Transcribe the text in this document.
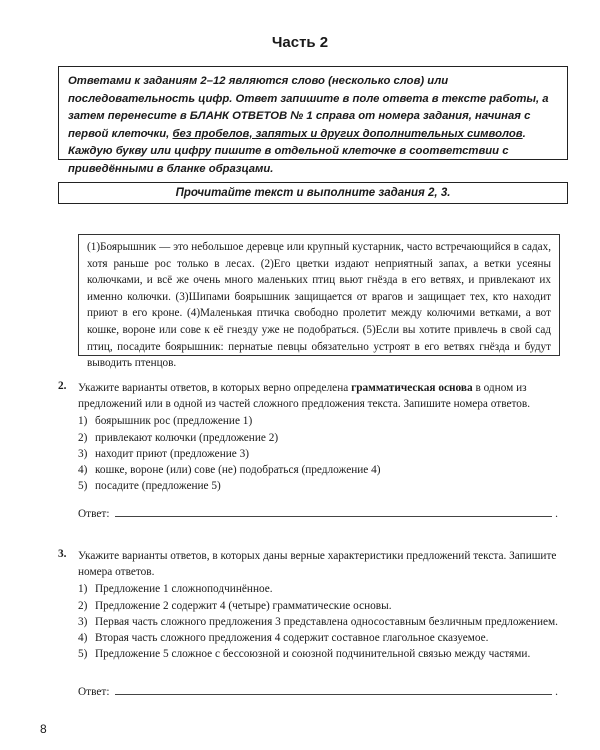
Часть 2
Ответами к заданиям 2–12 являются слово (несколько слов) или последовательность цифр. Ответ запишите в поле ответа в тексте работы, а затем перенесите в БЛАНК ОТВЕТОВ № 1 справа от номера задания, начиная с первой клеточки, без пробелов, запятых и других дополнительных символов. Каждую букву или цифру пишите в отдельной клеточке в соответствии с приведёнными в бланке образцами.
Прочитайте текст и выполните задания 2, 3.
(1)Боярышник — это небольшое деревце или крупный кустарник, часто встречающийся в садах, хотя раньше рос только в лесах. (2)Его цветки издают неприятный запах, а ветки усеяны колючками, и всё же очень много маленьких птиц вьют гнёзда в его ветвях, и привлекают их именно колючки. (3)Шипами боярышник защищается от врагов и защищает тех, кто находит приют в его кроне. (4)Маленькая птичка свободно пролетит между колючими ветками, а вот кошке, вороне или сове к её гнезду уже не подобраться. (5)Если вы хотите привлечь в свой сад птиц, посадите боярышник: пернатые певцы обязательно устроят в его ветвях гнёзда и будут выводить птенцов.
2. Укажите варианты ответов, в которых верно определена грамматическая основа в одном из предложений или в одной из частей сложного предложения текста. Запишите номера ответов.
1) боярышник рос (предложение 1)
2) привлекают колючки (предложение 2)
3) находит приют (предложение 3)
4) кошке, вороне (или) сове (не) подобраться (предложение 4)
5) посадите (предложение 5)
Ответ:	.
3. Укажите варианты ответов, в которых даны верные характеристики предложений текста. Запишите номера ответов.
1) Предложение 1 сложноподчинённое.
2) Предложение 2 содержит 4 (четыре) грамматические основы.
3) Первая часть сложного предложения 3 представлена односоставным безличным предложением.
4) Вторая часть сложного предложения 4 содержит составное глагольное сказуемое.
5) Предложение 5 сложное с бессоюзной и союзной подчинительной связью между частями.
Ответ:	.
8
